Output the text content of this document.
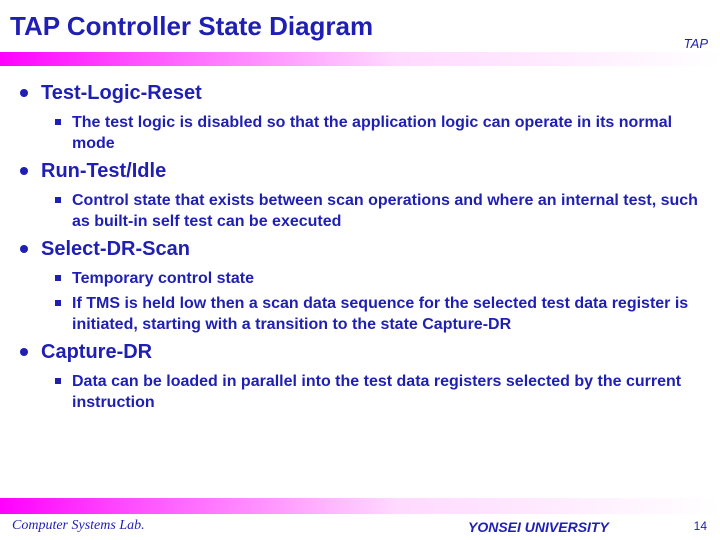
TAP Controller State Diagram
TAP
Test-Logic-Reset
The test logic is disabled so that the application logic can operate in its normal mode
Run-Test/Idle
Control state that exists between scan operations and where an internal test, such as built-in self test can be executed
Select-DR-Scan
Temporary control state
If TMS is held low then a scan data sequence for the selected test data register is initiated, starting with a transition to the state Capture-DR
Capture-DR
Data can be loaded in parallel into the test data registers selected by the current instruction
Computer Systems Lab.	YONSEI UNIVERSITY	14
